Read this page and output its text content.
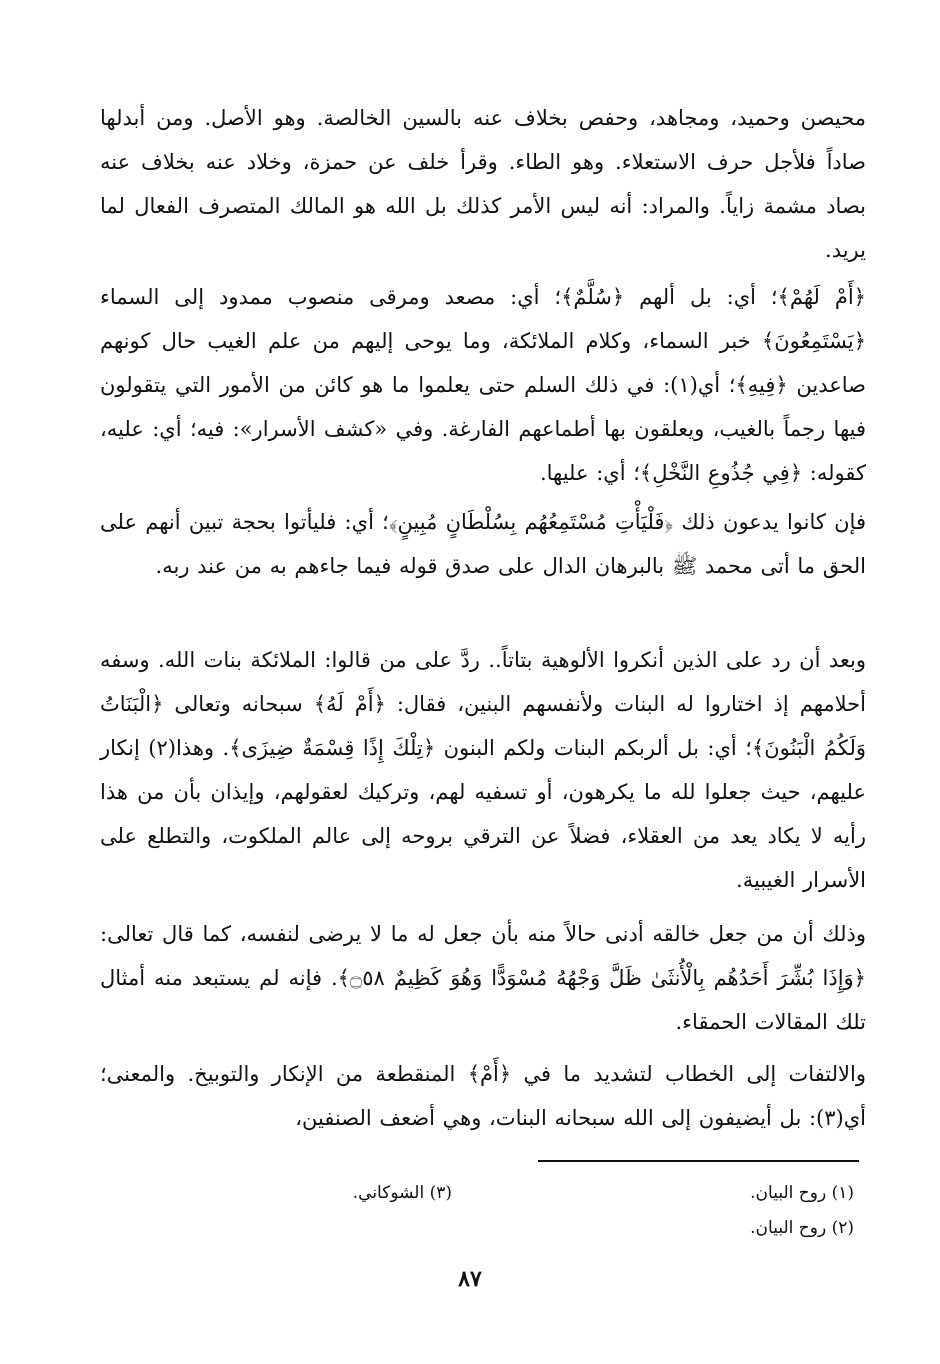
محيصن وحميد، ومجاهد، وحفص بخلاف عنه بالسين الخالصة. وهو الأصل. ومن أبدلها صاداً فلأجل حرف الاستعلاء. وهو الطاء. وقرأ خلف عن حمزة، وخلاد عنه بخلاف عنه بصاد مشمة زاياً. والمراد: أنه ليس الأمر كذلك بل الله هو المالك المتصرف الفعال لما يريد.

﴿أَمْ لَهُمْ﴾؛ أي: بل ألهم ﴿سُلَّمٌ﴾؛ أي: مصعد ومرقى منصوب ممدود إلى السماء ﴿يَسْتَمِعُونَ﴾ خبر السماء، وكلام الملائكة، وما يوحى إليهم من علم الغيب حال كونهم صاعدين ﴿فِيهِ﴾؛ أي(١): في ذلك السلم حتى يعلموا ما هو كائن من الأمور التي يتقولون فيها رجماً بالغيب، ويعلقون بها أطماعهم الفارغة. وفي «كشف الأسرار»: فيه؛ أي: عليه، كقوله: ﴿فِي جُذُوعِ النَّخْلِ﴾؛ أي: عليها.

فإن كانوا يدعون ذلك ﴿فَلْيَأْتِ مُسْتَمِعُهُم بِسُلْطَانٍ مُبِينٍ﴾؛ أي: فليأتوا بحجة تبين أنهم على الحق ما أتى محمد ﷺ بالبرهان الدال على صدق قوله فيما جاءهم به من عند ربه.

وبعد أن رد على الذين أنكروا الألوهية بتاتاً.. ردَّ على من قالوا: الملائكة بنات الله. وسفه أحلامهم إذ اختاروا له البنات ولأنفسهم البنين، فقال: ﴿أَمْ لَهُ﴾ سبحانه وتعالى ﴿الْبَنَاتُ وَلَكُمُ الْبَنُونَ﴾؛ أي: بل ألربكم البنات ولكم البنون ﴿تِلْكَ إِذًا قِسْمَةٌ ضِيزَى﴾. وهذا(٢) إنكار عليهم، حيث جعلوا لله ما يكرهون، أو تسفيه لهم، وتركيك لعقولهم، وإيذان بأن من هذا رأيه لا يكاد يعد من العقلاء، فضلاً عن الترقي بروحه إلى عالم الملكوت، والتطلع على الأسرار الغيبية.

وذلك أن من جعل خالقه أدنى حالاً منه بأن جعل له ما لا يرضى لنفسه، كما قال تعالى: ﴿وَإِذَا بُشِّرَ أَحَدُهُم بِالْأُنثَىٰ ظَلَّ وَجْهُهُ مُسْوَدًّا وَهُوَ كَظِيمٌ ۝٥٨﴾. فإنه لم يستبعد منه أمثال تلك المقالات الحمقاء.

والالتفات إلى الخطاب لتشديد ما في ﴿أَمْ﴾ المنقطعة من الإنكار والتوبيخ. والمعنى؛ أي(٣): بل أيضيفون إلى الله سبحانه البنات، وهي أضعف الصنفين،

(١) روح البيان.
(٢) روح البيان.
(٣) الشوكاني.
٨٧
